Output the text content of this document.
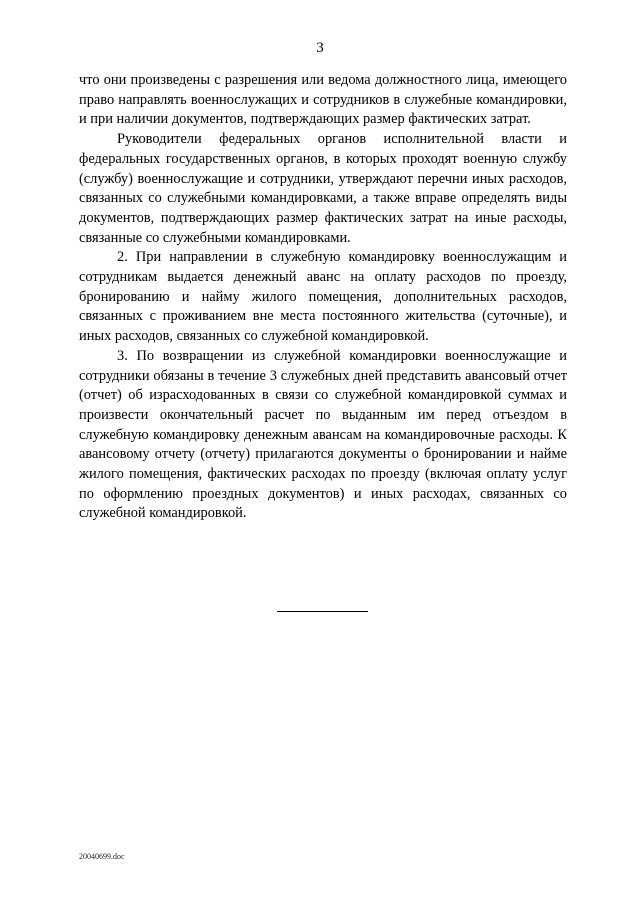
3

что они произведены с разрешения или ведома должностного лица, имеющего право направлять военнослужащих и сотрудников в служебные командировки, и при наличии документов, подтверждающих размер фактических затрат.

Руководители федеральных органов исполнительной власти и федеральных государственных органов, в которых проходят военную службу (службу) военнослужащие и сотрудники, утверждают перечни иных расходов, связанных со служебными командировками, а также вправе определять виды документов, подтверждающих размер фактических затрат на иные расходы, связанные со служебными командировками.

2. При направлении в служебную командировку военнослужащим и сотрудникам выдается денежный аванс на оплату расходов по проезду, бронированию и найму жилого помещения, дополнительных расходов, связанных с проживанием вне места постоянного жительства (суточные), и иных расходов, связанных со служебной командировкой.

3. По возвращении из служебной командировки военнослужащие и сотрудники обязаны в течение 3 служебных дней представить авансовый отчет (отчет) об израсходованных в связи со служебной командировкой суммах и произвести окончательный расчет по выданным им перед отъездом в служебную командировку денежным авансам на командировочные расходы. К авансовому отчету (отчету) прилагаются документы о бронировании и найме жилого помещения, фактических расходах по проезду (включая оплату услуг по оформлению проездных документов) и иных расходах, связанных со служебной командировкой.

20040699.doc
